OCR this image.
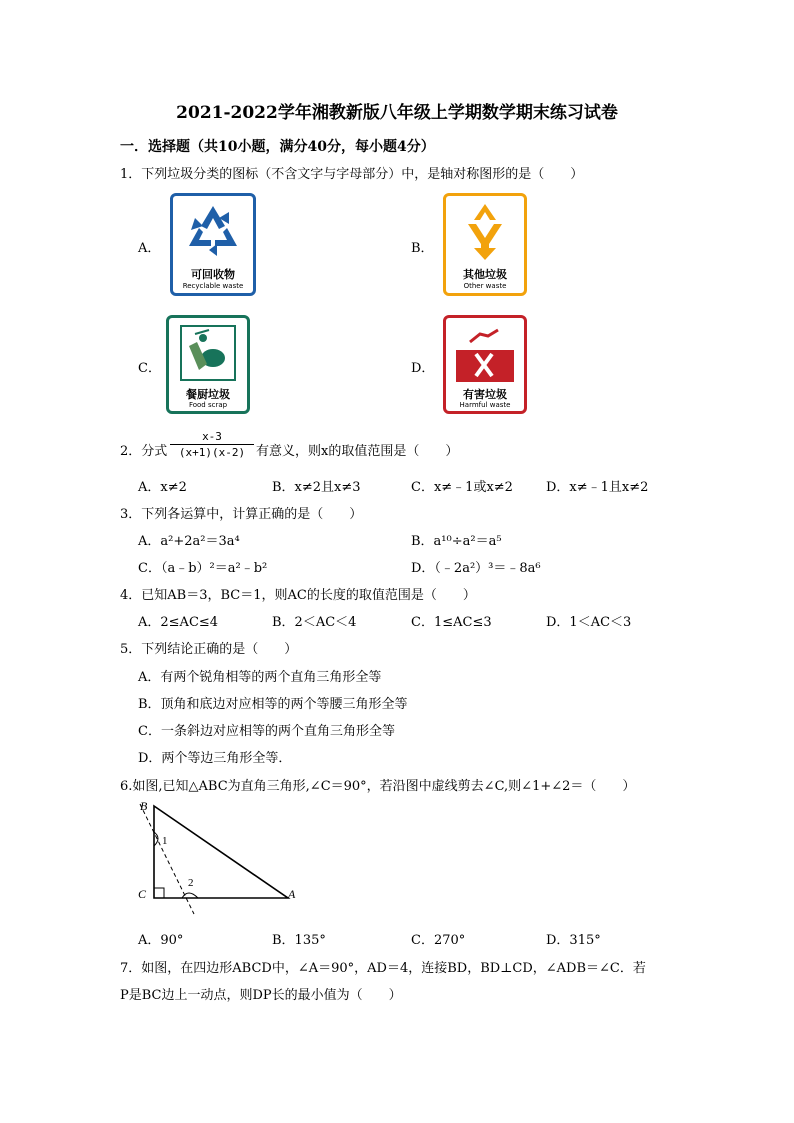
2021-2022学年湘教新版八年级上学期数学期末练习试卷
一．选择题（共10小题，满分40分，每小题4分）
1．下列垃圾分类的图标（不含文字与字母部分）中，是轴对称图形的是（　　）
A．	B．
C．	D．
可回收物
Recyclable waste
其他垃圾
Other waste
餐厨垃圾
Food scrap
有害垃圾
Harmful waste
2．分式 $\frac{x-3}{(x+1)(x-2)}$ 有意义，则x的取值范围是（　　）
A．x≠2	B．x≠2且x≠3	C．x≠﹣1或x≠2	D．x≠﹣1且x≠2
3．下列各运算中，计算正确的是（　　）
A．a²+2a²＝3a⁴	B．a¹⁰÷a²＝a⁵
C．（a﹣b）²＝a²﹣b²	D．（﹣2a²）³＝﹣8a⁶
4．已知AB＝3，BC＝1，则AC的长度的取值范围是（　　）
A．2≤AC≤4	B．2＜AC＜4	C．1≤AC≤3	D．1＜AC＜3
5．下列结论正确的是（　　）
A．有两个锐角相等的两个直角三角形全等
B．顶角和底边对应相等的两个等腰三角形全等
C．一条斜边对应相等的两个直角三角形全等
D．两个等边三角形全等．
6.如图,已知△ABC为直角三角形,∠C＝90°，若沿图中虚线剪去∠C,则∠1+∠2＝（　　）
B
C	A
1
2
A．90°	B．135°	C．270°	D．315°
7．如图，在四边形ABCD中，∠A＝90°，AD＝4，连接BD，BD⊥CD，∠ADB＝∠C．若
P是BC边上一动点，则DP长的最小值为（　　）
